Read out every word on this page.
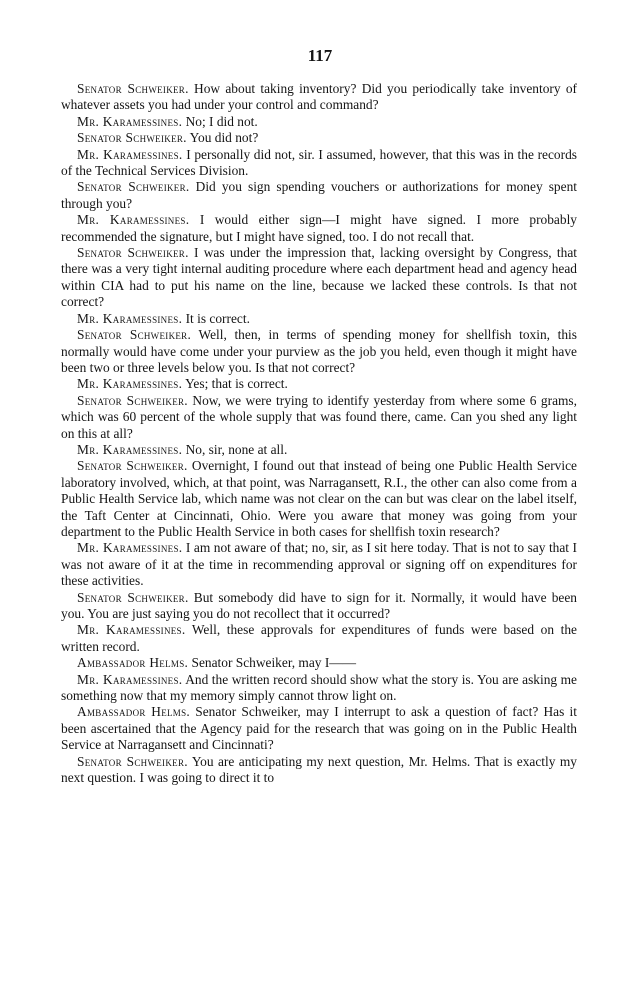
117

Senator Schweiker. How about taking inventory? Did you periodically take inventory of whatever assets you had under your control and command?

Mr. Karamessines. No; I did not.

Senator Schweiker. You did not?

Mr. Karamessines. I personally did not, sir. I assumed, however, that this was in the records of the Technical Services Division.

Senator Schweiker. Did you sign spending vouchers or authorizations for money spent through you?

Mr. Karamessines. I would either sign—I might have signed. I more probably recommended the signature, but I might have signed, too. I do not recall that.

Senator Schweiker. I was under the impression that, lacking oversight by Congress, that there was a very tight internal auditing procedure where each department head and agency head within CIA had to put his name on the line, because we lacked these controls. Is that not correct?

Mr. Karamessines. It is correct.

Senator Schweiker. Well, then, in terms of spending money for shellfish toxin, this normally would have come under your purview as the job you held, even though it might have been two or three levels below you. Is that not correct?

Mr. Karamessines. Yes; that is correct.

Senator Schweiker. Now, we were trying to identify yesterday from where some 6 grams, which was 60 percent of the whole supply that was found there, came. Can you shed any light on this at all?

Mr. Karamessines. No, sir, none at all.

Senator Schweiker. Overnight, I found out that instead of being one Public Health Service laboratory involved, which, at that point, was Narragansett, R.I., the other can also come from a Public Health Service lab, which name was not clear on the can but was clear on the label itself, the Taft Center at Cincinnati, Ohio. Were you aware that money was going from your department to the Public Health Service in both cases for shellfish toxin research?

Mr. Karamessines. I am not aware of that; no, sir, as I sit here today. That is not to say that I was not aware of it at the time in recommending approval or signing off on expenditures for these activities.

Senator Schweiker. But somebody did have to sign for it. Normally, it would have been you. You are just saying you do not recollect that it occurred?

Mr. Karamessines. Well, these approvals for expenditures of funds were based on the written record.

Ambassador Helms. Senator Schweiker, may I——

Mr. Karamessines. And the written record should show what the story is. You are asking me something now that my memory simply cannot throw light on.

Ambassador Helms. Senator Schweiker, may I interrupt to ask a question of fact? Has it been ascertained that the Agency paid for the research that was going on in the Public Health Service at Narragansett and Cincinnati?

Senator Schweiker. You are anticipating my next question, Mr. Helms. That is exactly my next question. I was going to direct it to
